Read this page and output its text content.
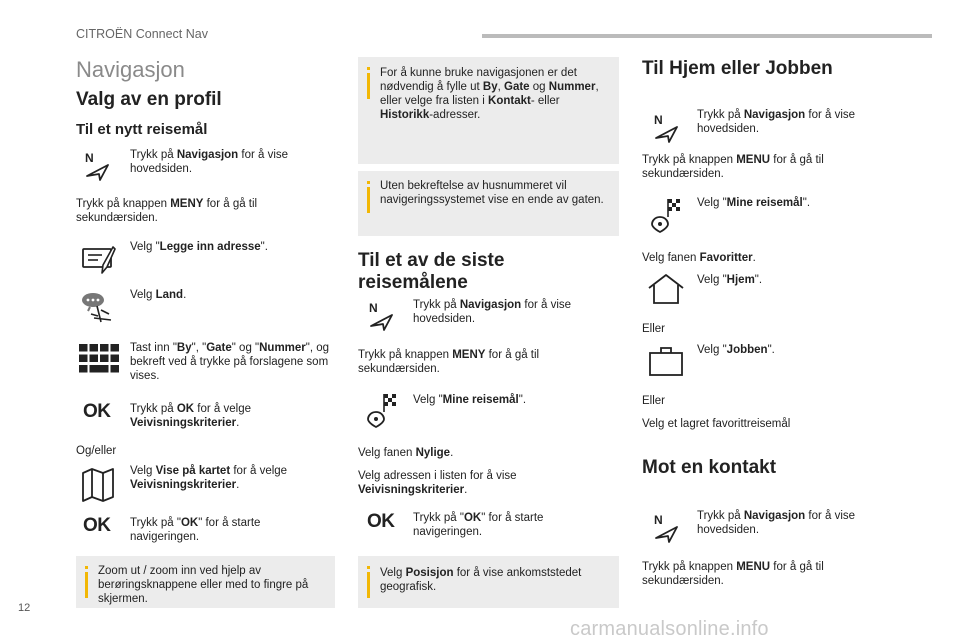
CITROËN Connect Nav
Navigasjon
Valg av en profil
Til et nytt reisemål
N	Trykk på Navigasjon for å vise hovedsiden.
Trykk på knappen MENY for å gå til sekundærsiden.
Velg "Legge inn adresse".
Velg Land.
Tast inn "By", "Gate" og "Nummer", og bekreft ved å trykke på forslagene som vises.
OK Trykk på OK for å velge Veivisningskriterier.
Og/eller
Velg Vise på kartet for å velge Veivisningskriterier.
OK Trykk på "OK" for å starte navigeringen.
Zoom ut / zoom inn ved hjelp av berøringsknappene eller med to fingre på skjermen.
For å kunne bruke navigasjonen er det nødvendig å fylle ut By, Gate og Nummer, eller velge fra listen i Kontakt- eller Historikk-adresser.
Uten bekreftelse av husnummeret vil navigeringssystemet vise en ende av gaten.
Til et av de siste reisemålene
N	Trykk på Navigasjon for å vise hovedsiden.
Trykk på knappen MENY for å gå til sekundærsiden.
Velg "Mine reisemål".
Velg fanen Nylige.
Velg adressen i listen for å vise Veivisningskriterier.
OK Trykk på "OK" for å starte navigeringen.
Velg Posisjon for å vise ankomststedet geografisk.
Til Hjem eller Jobben
N	Trykk på Navigasjon for å vise hovedsiden.
Trykk på knappen MENU for å gå til sekundærsiden.
Velg "Mine reisemål".
Velg fanen Favoritter.
Velg "Hjem".
Eller
Velg "Jobben".
Eller
Velg et lagret favorittreisemål
Mot en kontakt
N	Trykk på Navigasjon for å vise hovedsiden.
Trykk på knappen MENU for å gå til sekundærsiden.
12
carmanualsonline.info
